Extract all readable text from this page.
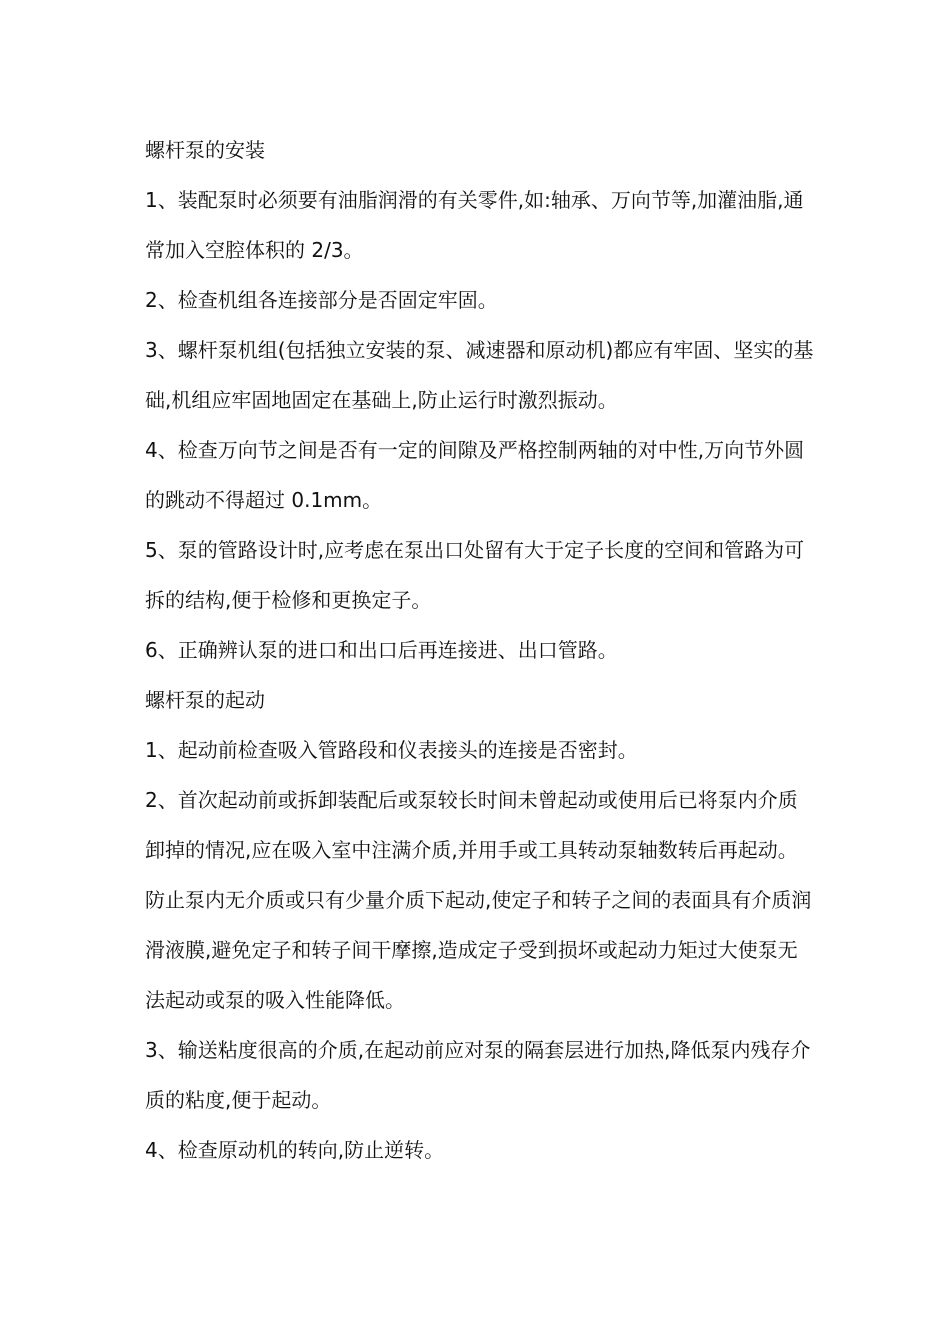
螺杆泵的安装

1、装配泵时必须要有油脂润滑的有关零件,如:轴承、万向节等,加灌油脂,通常加入空腔体积的 2/3。

2、检查机组各连接部分是否固定牢固。

3、螺杆泵机组(包括独立安装的泵、减速器和原动机)都应有牢固、坚实的基础,机组应牢固地固定在基础上,防止运行时激烈振动。

4、检查万向节之间是否有一定的间隙及严格控制两轴的对中性,万向节外圆的跳动不得超过 0.1mm。

5、泵的管路设计时,应考虑在泵出口处留有大于定子长度的空间和管路为可拆的结构,便于检修和更换定子。

6、正确辨认泵的进口和出口后再连接进、出口管路。

螺杆泵的起动

1、起动前检查吸入管路段和仪表接头的连接是否密封。

2、首次起动前或拆卸装配后或泵较长时间未曾起动或使用后已将泵内介质卸掉的情况,应在吸入室中注满介质,并用手或工具转动泵轴数转后再起动。防止泵内无介质或只有少量介质下起动,使定子和转子之间的表面具有介质润滑液膜,避免定子和转子间干摩擦,造成定子受到损坏或起动力矩过大使泵无法起动或泵的吸入性能降低。

3、输送粘度很高的介质,在起动前应对泵的隔套层进行加热,降低泵内残存介质的粘度,便于起动。

4、检查原动机的转向,防止逆转。
